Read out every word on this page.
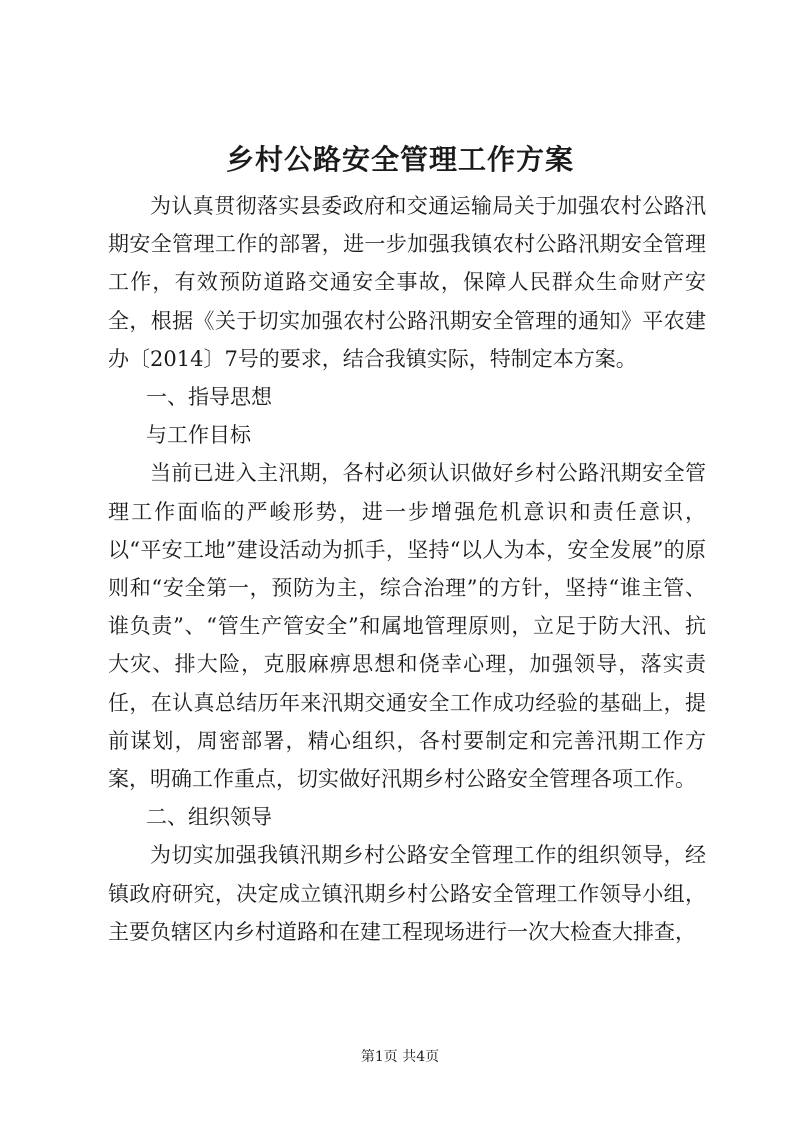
乡村公路安全管理工作方案

为认真贯彻落实县委政府和交通运输局关于加强农村公路汛期安全管理工作的部署，进一步加强我镇农村公路汛期安全管理工作，有效预防道路交通安全事故，保障人民群众生命财产安全，根据《关于切实加强农村公路汛期安全管理的通知》平农建办〔2014〕7号的要求，结合我镇实际，特制定本方案。

一、指导思想

与工作目标

当前已进入主汛期，各村必须认识做好乡村公路汛期安全管理工作面临的严峻形势，进一步增强危机意识和责任意识，以“平安工地”建设活动为抓手，坚持“以人为本，安全发展”的原则和“安全第一，预防为主，综合治理”的方针，坚持“谁主管、谁负责”、“管生产管安全”和属地管理原则，立足于防大汛、抗大灾、排大险，克服麻痹思想和侥幸心理，加强领导，落实责任，在认真总结历年来汛期交通安全工作成功经验的基础上，提前谋划，周密部署，精心组织，各村要制定和完善汛期工作方案，明确工作重点，切实做好汛期乡村公路安全管理各项工作。

二、组织领导

为切实加强我镇汛期乡村公路安全管理工作的组织领导，经镇政府研究，决定成立镇汛期乡村公路安全管理工作领导小组，主要负辖区内乡村道路和在建工程现场进行一次大检查大排查，

第1页 共4页
